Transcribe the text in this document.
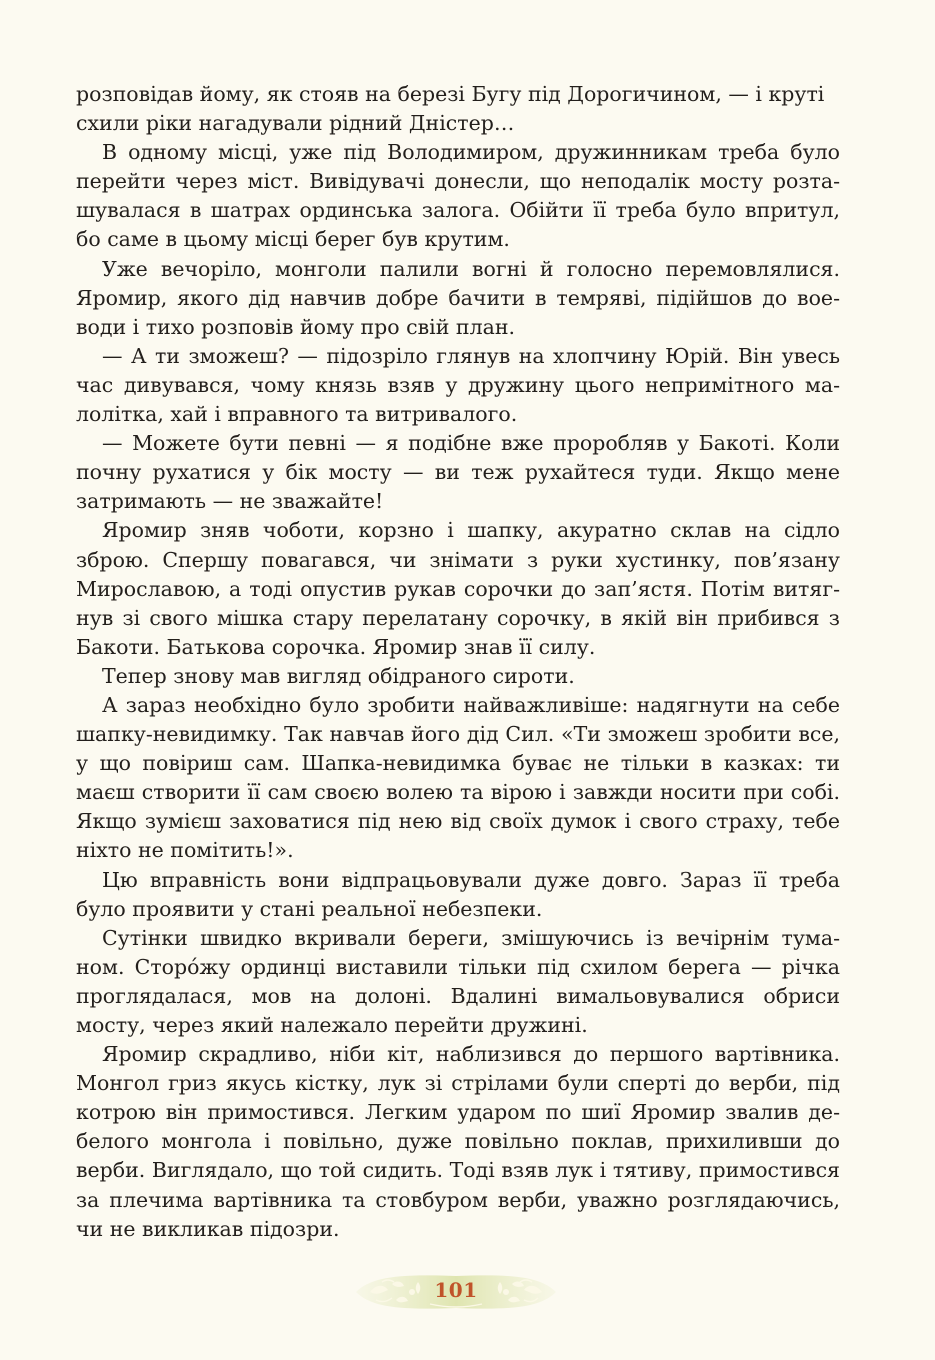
розповідав йому, як стояв на березі Бугу під Дорогичином, — і круті
схили ріки нагадували рідний Дністер…

В одному місці, уже під Володимиром, дружинникам треба було перейти через міст. Вивідувачі донесли, що неподалік мосту розташувалася в шатрах ординська залога. Обійти її треба було впритул, бо саме в цьому місці берег був крутим.

Уже вечоріло, монголи палили вогні й голосно перемовлялися. Яромир, якого дід навчив добре бачити в темряві, підійшов до воеводи і тихо розповів йому про свій план.

— А ти зможеш? — підозріло глянув на хлопчину Юрій. Він увесь час дивувався, чому князь взяв у дружину цього непримітного малолітка, хай і вправного та витривалого.

— Можете бути певні — я подібне вже проробляв у Бакоті. Коли почну рухатися у бік мосту — ви теж рухайтеся туди. Якщо мене затримають — не зважайте!

Яромир зняв чоботи, корзно і шапку, акуратно склав на сідло зброю. Спершу повагався, чи знімати з руки хустинку, пов’язану Мирославою, а тоді опустив рукав сорочки до зап’ястя. Потім витягнув зі свого мішка стару перелатану сорочку, в якій він прибився з Бакоти. Батькова сорочка. Яромир знав її силу.

Тепер знову мав вигляд обідраного сироти.

А зараз необхідно було зробити найважливіше: надягнути на себе шапку-невидимку. Так навчав його дід Сил. «Ти зможеш зробити все, у що повіриш сам. Шапка-невидимка буває не тільки в казках: ти маєш створити її сам своєю волею та вірою і завжди носити при собі. Якщо зумієш заховатися під нею від своїх думок і свого страху, тебе ніхто не помітить!».

Цю вправність вони відпрацьовували дуже довго. Зараз її треба було проявити у стані реальної небезпеки.

Сутінки швидко вкривали береги, змішуючись із вечірнім туманом. Сторóжу ординці виставили тільки під схилом берега — річка проглядалася, мов на долоні. Вдалині вимальовувалися обриси мосту, через який належало перейти дружині.

Яромир скрадливо, ніби кіт, наблизився до першого вартівника. Монгол гриз якусь кістку, лук зі стрілами були сперті до верби, під котрою він примостився. Легким ударом по шиї Яромир звалив дебелого монгола і повільно, дуже повільно поклав, прихиливши до верби. Виглядало, що той сидить. Тоді взяв лук і тятиву, примостився за плечима вартівника та стовбуром верби, уважно розглядаючись, чи не викликав підозри.

101
